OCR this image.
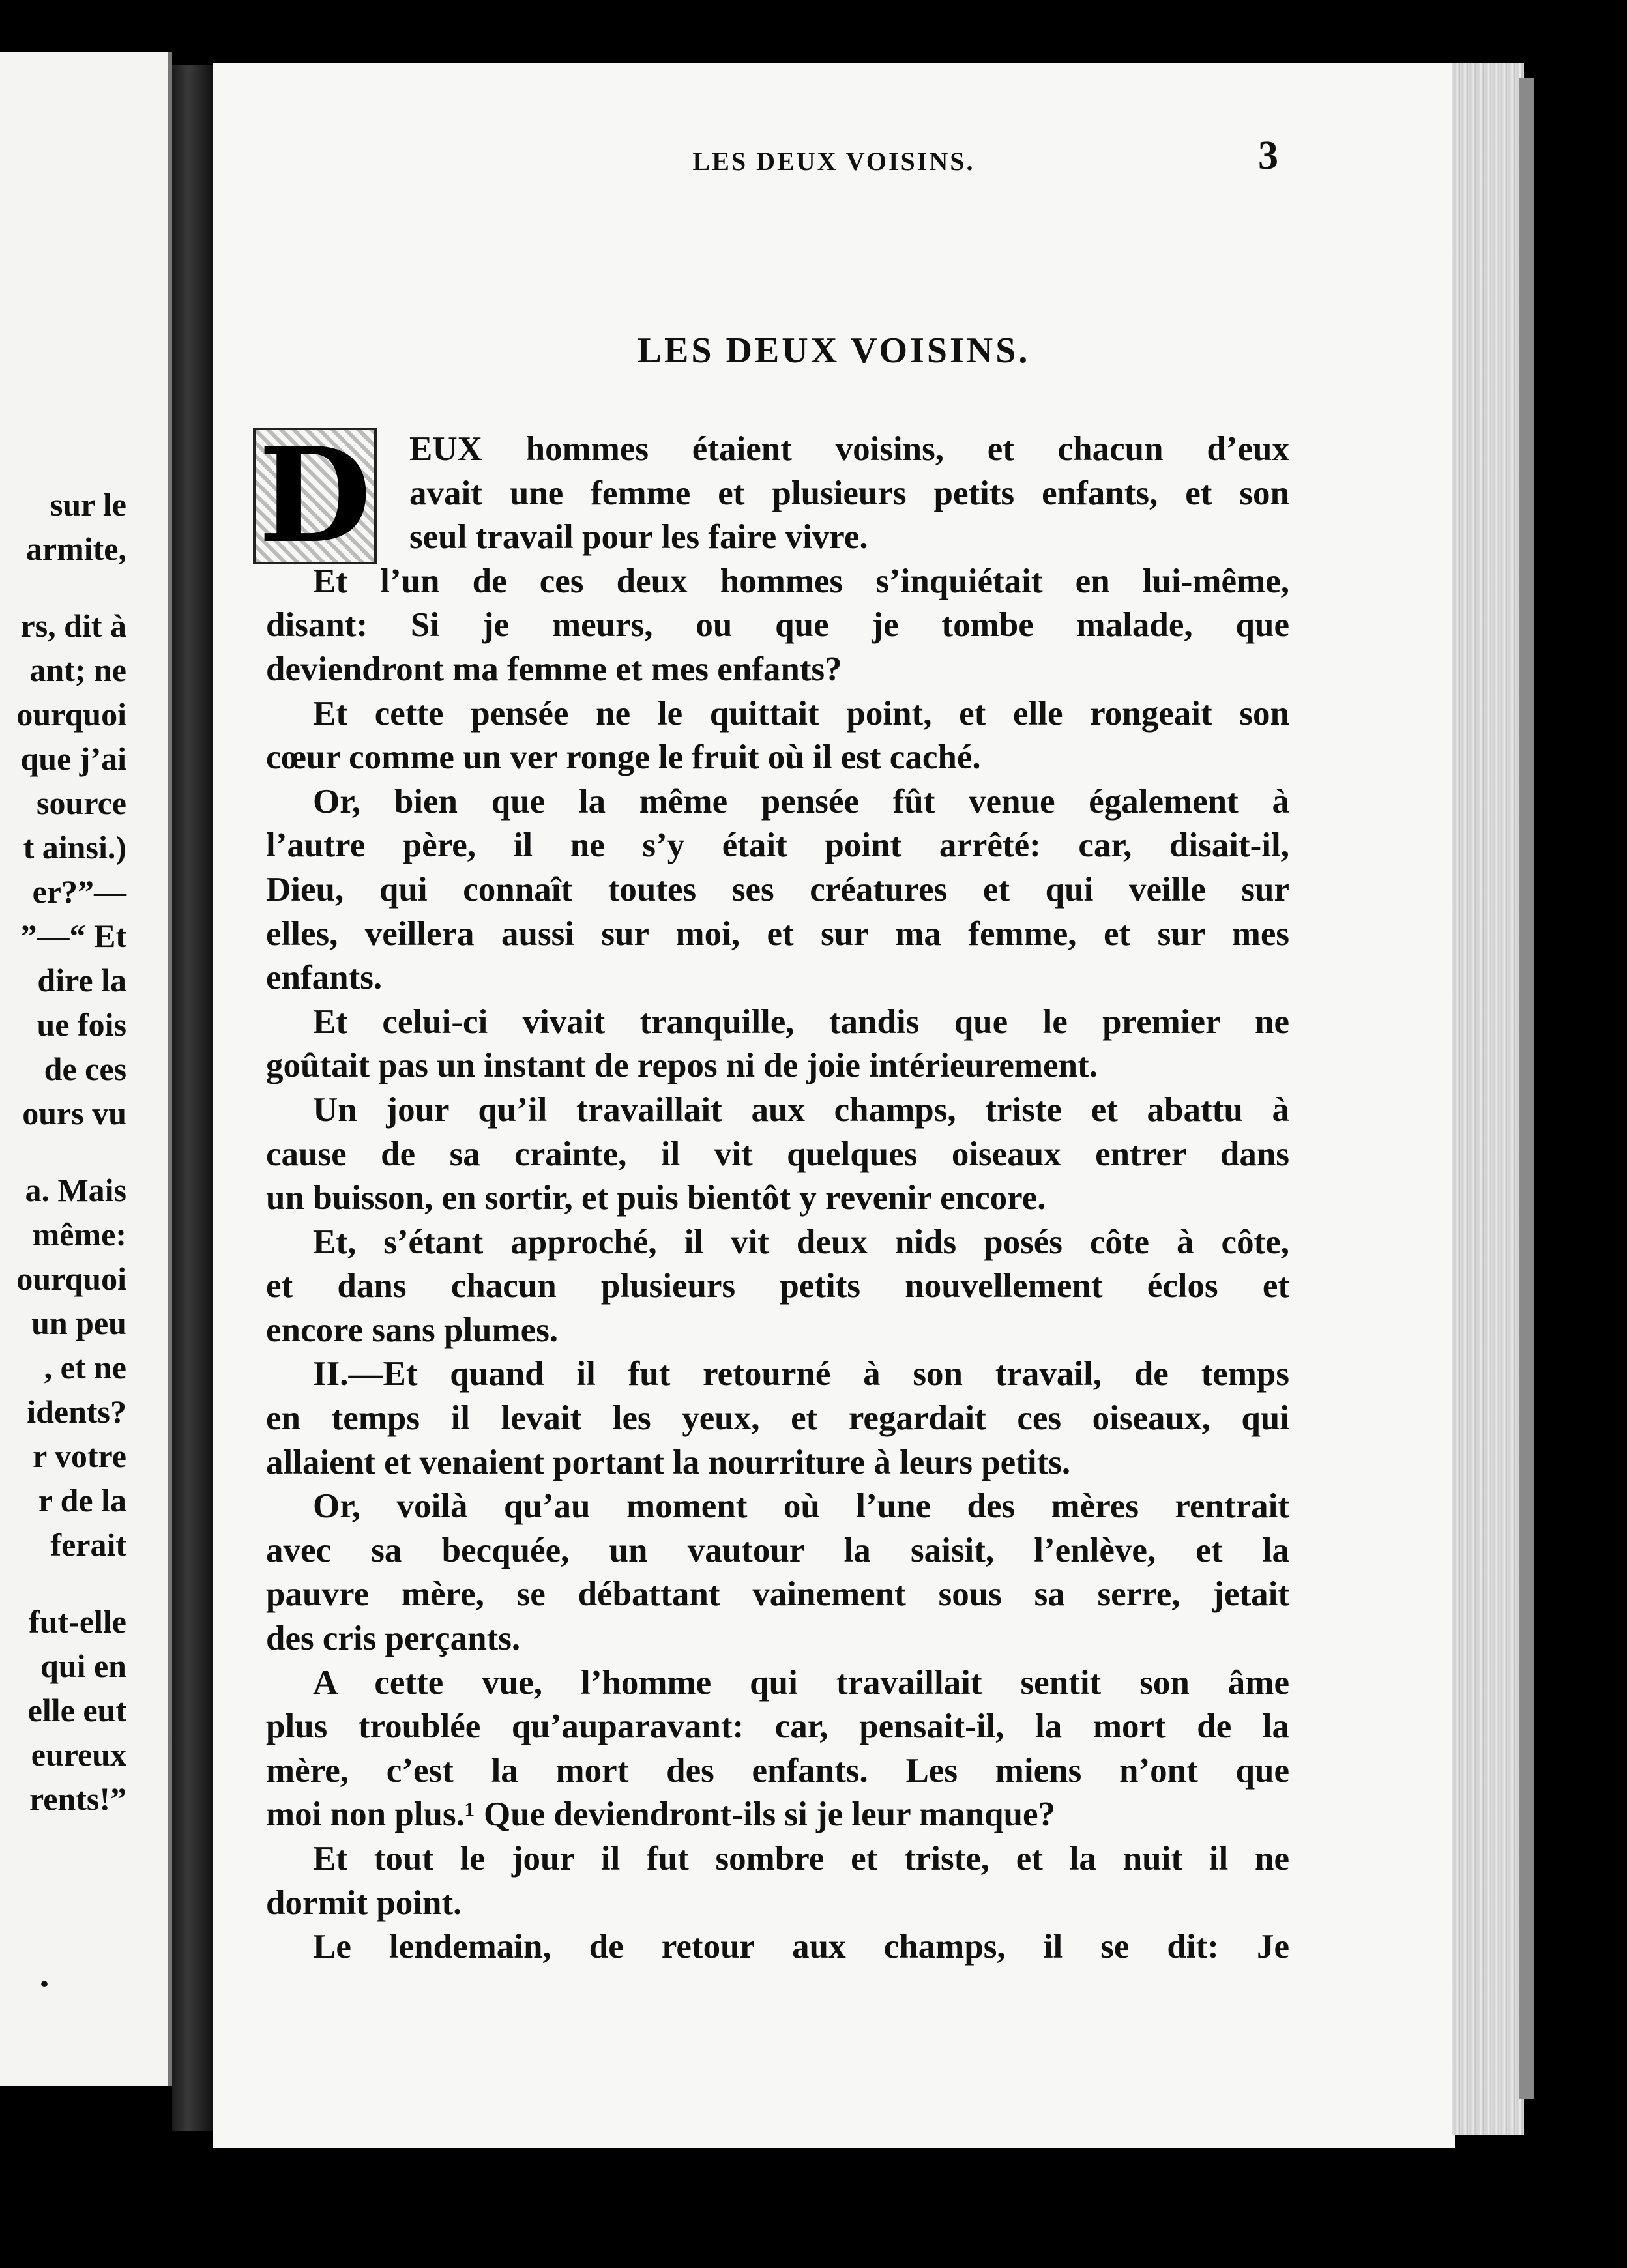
sur le
armite,
rs, dit à
ant; ne
ourquoi
que j’ai
source
t ainsi.)
er?”—
”—“ Et
dire la
ue fois
de ces
ours vu
a. Mais
même:
ourquoi
un peu
, et ne
idents?
r votre
r de la
ferait
fut-elle
qui en
elle eut
eureux
rents!”
·
LES DEUX VOISINS.	3
LES DEUX VOISINS.
D	EUX hommes étaient voisins, et chacun d’eux
avait une femme et plusieurs petits enfants, et son
seul travail pour les faire vivre.
Et l’un de ces deux hommes s’inquiétait en lui-même,
disant: Si je meurs, ou que je tombe malade, que
deviendront ma femme et mes enfants?
Et cette pensée ne le quittait point, et elle rongeait son
cœur comme un ver ronge le fruit où il est caché.
Or, bien que la même pensée fût venue également à
l’autre père, il ne s’y était point arrêté: car, disait-il,
Dieu, qui connaît toutes ses créatures et qui veille sur
elles, veillera aussi sur moi, et sur ma femme, et sur mes
enfants.
Et celui-ci vivait tranquille, tandis que le premier ne
goûtait pas un instant de repos ni de joie intérieurement.
Un jour qu’il travaillait aux champs, triste et abattu à
cause de sa crainte, il vit quelques oiseaux entrer dans
un buisson, en sortir, et puis bientôt y revenir encore.
Et, s’étant approché, il vit deux nids posés côte à côte,
et dans chacun plusieurs petits nouvellement éclos et
encore sans plumes.
II.—Et quand il fut retourné à son travail, de temps
en temps il levait les yeux, et regardait ces oiseaux, qui
allaient et venaient portant la nourriture à leurs petits.
Or, voilà qu’au moment où l’une des mères rentrait
avec sa becquée, un vautour la saisit, l’enlève, et la
pauvre mère, se débattant vainement sous sa serre, jetait
des cris perçants.
A cette vue, l’homme qui travaillait sentit son âme
plus troublée qu’auparavant: car, pensait-il, la mort de la
mère, c’est la mort des enfants. Les miens n’ont que
moi non plus.¹ Que deviendront-ils si je leur manque?
Et tout le jour il fut sombre et triste, et la nuit il ne
dormit point.
Le lendemain, de retour aux champs, il se dit: Je
